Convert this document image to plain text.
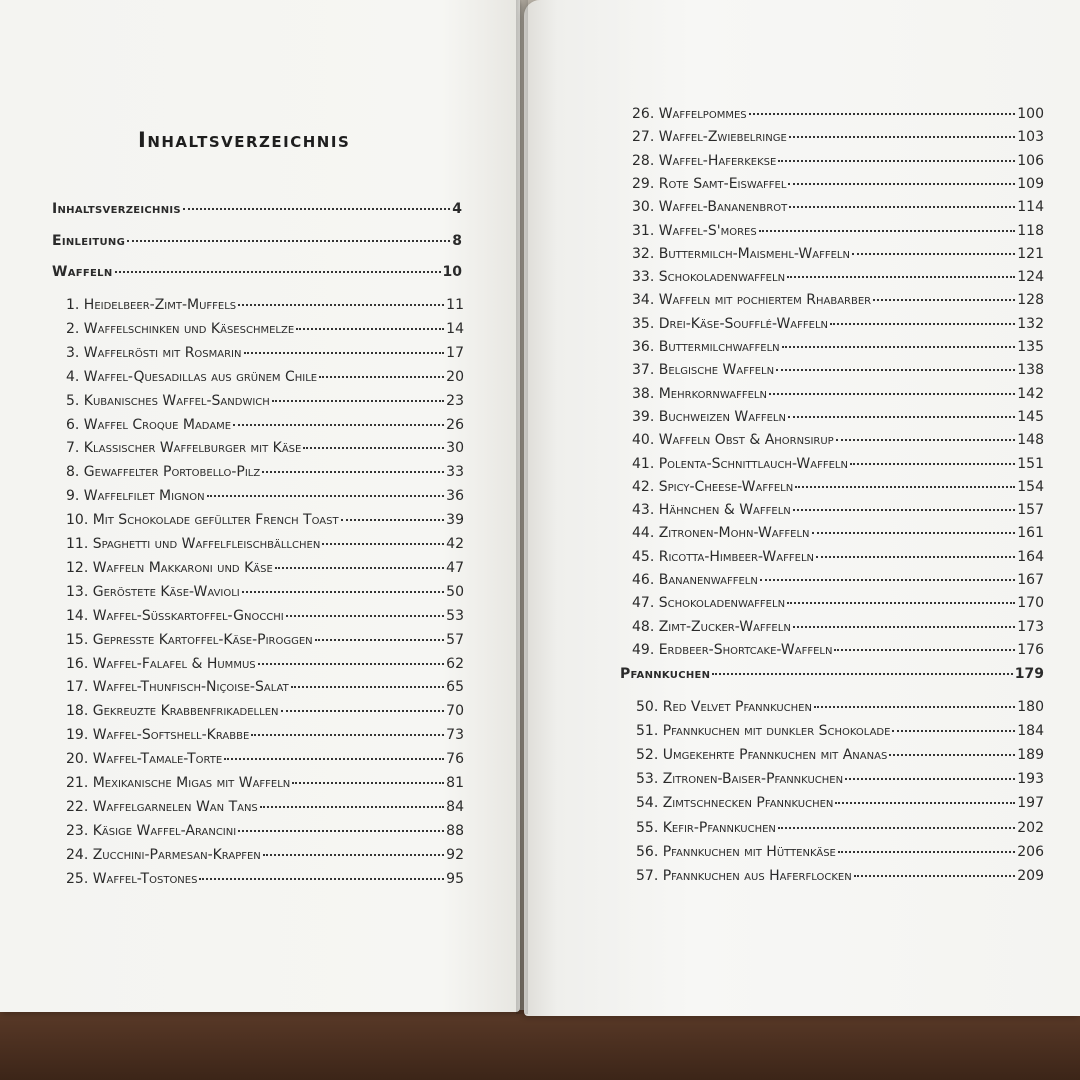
Inhaltsverzeichnis
Inhaltsverzeichnis	4
Einleitung	8
Waffeln	10
1. Heidelbeer-Zimt-Muffels	11
2. Waffelschinken und Käseschmelze	14
3. Waffelrösti mit Rosmarin	17
4. Waffel-Quesadillas aus grünem Chile	20
5. Kubanisches Waffel-Sandwich	23
6. Waffel Croque Madame	26
7. Klassischer Waffelburger mit Käse	30
8. Gewaffelter Portobello-Pilz	33
9. Waffelfilet Mignon	36
10. Mit Schokolade gefüllter French Toast	39
11. Spaghetti und Waffelfleischbällchen	42
12. Waffeln Makkaroni und Käse	47
13. Geröstete Käse-Wavioli	50
14. Waffel-Süsskartoffel-Gnocchi	53
15. Gepresste Kartoffel-Käse-Piroggen	57
16. Waffel-Falafel & Hummus	62
17. Waffel-Thunfisch-Niçoise-Salat	65
18. Gekreuzte Krabbenfrikadellen	70
19. Waffel-Softshell-Krabbe	73
20. Waffel-Tamale-Torte	76
21. Mexikanische Migas mit Waffeln	81
22. Waffelgarnelen Wan Tans	84
23. Käsige Waffel-Arancini	88
24. Zucchini-Parmesan-Krapfen	92
25. Waffel-Tostones	95
26. Waffelpommes	100
27. Waffel-Zwiebelringe	103
28. Waffel-Haferkekse	106
29. Rote Samt-Eiswaffel	109
30. Waffel-Bananenbrot	114
31. Waffel-S'mores	118
32. Buttermilch-Maismehl-Waffeln	121
33. Schokoladenwaffeln	124
34. Waffeln mit pochiertem Rhabarber	128
35. Drei-Käse-Soufflé-Waffeln	132
36. Buttermilchwaffeln	135
37. Belgische Waffeln	138
38. Mehrkornwaffeln	142
39. Buchweizen Waffeln	145
40. Waffeln Obst & Ahornsirup	148
41. Polenta-Schnittlauch-Waffeln	151
42. Spicy-Cheese-Waffeln	154
43. Hähnchen & Waffeln	157
44. Zitronen-Mohn-Waffeln	161
45. Ricotta-Himbeer-Waffeln	164
46. Bananenwaffeln	167
47. Schokoladenwaffeln	170
48. Zimt-Zucker-Waffeln	173
49. Erdbeer-Shortcake-Waffeln	176
Pfannkuchen	179
50. Red Velvet Pfannkuchen	180
51. Pfannkuchen mit dunkler Schokolade	184
52. Umgekehrte Pfannkuchen mit Ananas	189
53. Zitronen-Baiser-Pfannkuchen	193
54. Zimtschnecken Pfannkuchen	197
55. Kefir-Pfannkuchen	202
56. Pfannkuchen mit Hüttenkäse	206
57. Pfannkuchen aus Haferflocken	209
